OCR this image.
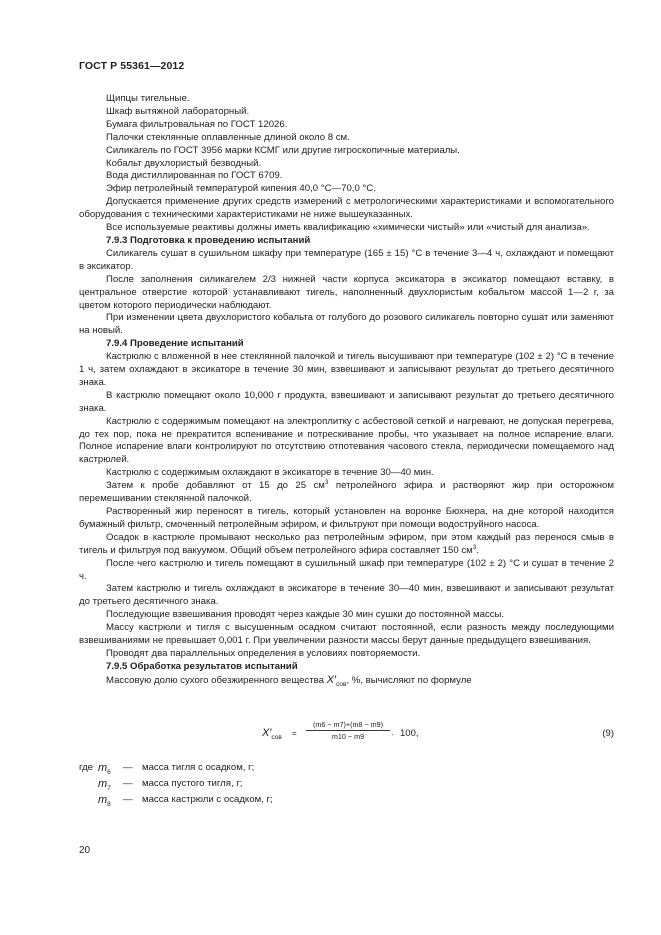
ГОСТ Р 55361—2012

Щипцы тигельные.

Шкаф вытяжной лабораторный.

Бумага фильтровальная по ГОСТ 12026.

Палочки стеклянные оплавленные длиной около 8 см.

Силикагель по ГОСТ 3956 марки КСМГ или другие гигроскопичные материалы.

Кобальт двухлористый безводный.

Вода дистиллированная по ГОСТ 6709.

Эфир петролейный температурой кипения 40,0 °С—70,0 °С.

Допускается применение других средств измерений с метрологическими характеристиками и вспомогательного оборудования с техническими характеристиками не ниже вышеуказанных.

Все используемые реактивы должны иметь квалификацию «химически чистый» или «чистый для анализа».

7.9.3 Подготовка к проведению испытаний

Силикагель сушат в сушильном шкафу при температуре (165 ± 15) °С в течение 3—4 ч, охлаждают и помещают в эксикатор.

После заполнения силикагелем 2/3 нижней части корпуса эксикатора в эксикатор помещают вставку, в центральное отверстие которой устанавливают тигель, наполненный двухлористым кобальтом массой 1—2 г, за цветом которого периодически наблюдают.

При изменении цвета двухлористого кобальта от голубого до розового силикагель повторно сушат или заменяют на новый.

7.9.4 Проведение испытаний

Кастрюлю с вложенной в нее стеклянной палочкой и тигель высушивают при температуре (102 ± 2) °С в течение 1 ч, затем охлаждают в эксикаторе в течение 30 мин, взвешивают и записывают результат до третьего десятичного знака.

В кастрюлю помещают около 10,000 г продукта, взвешивают и записывают результат до третьего десятичного знака.

Кастрюлю с содержимым помещают на электроплитку с асбестовой сеткой и нагревают, не допуская перегрева, до тех пор, пока не прекратится вспенивание и потрескивание пробы, что указывает на полное испарение влаги. Полное испарение влаги контролируют по отсутствию отпотевания часового стекла, периодически помещаемого над кастрюлей.

Кастрюлю с содержимым охлаждают в эксикаторе в течение 30—40 мин.

Затем к пробе добавляют от 15 до 25 $см^3$ петролейного эфира и растворяют жир при осторожном перемешивании стеклянной палочкой.

Растворенный жир переносят в тигель, который установлен на воронке Бюхнера, на дне которой находится бумажный фильтр, смоченный петролейным эфиром, и фильтруют при помощи водоструйного насоса.

Осадок в кастрюле промывают несколько раз петролейным эфиром, при этом каждый раз перенося смыв в тигель и фильтруя под вакуумом. Общий объем петролейного эфира составляет 150 $см^3$.

После чего кастрюлю и тигель помещают в сушильный шкаф при температуре (102 ± 2) °С и сушат в течение 2 ч.

Затем кастрюлю и тигель охлаждают в эксикаторе в течение 30—40 мин, взвешивают и записывают результат до третьего десятичного знака.

Последующие взвешивания проводят через каждые 30 мин сушки до постоянной массы.

Массу кастрюли и тигля с высушенным осадком считают постоянной, если разность между последующими взвешиваниями не превышает 0,001 г. При увеличении разности массы берут данные предыдущего взвешивания.

Проводят два параллельных определения в условиях повторяемости.

7.9.5 Обработка результатов испытаний

Массовую долю сухого обезжиренного вещества $X'_{сов}$, %, вычисляют по формуле

$X'_{сов} = \frac{(m6 - m7)+(m8 - m9)}{m10 - m9} \cdot 100$,	(9)
где $m_6$ — масса тигля с осадком, г;
$m_7$ — масса пустого тигля, г;
$m_8$ — масса кастрюли с осадком, г;
20
